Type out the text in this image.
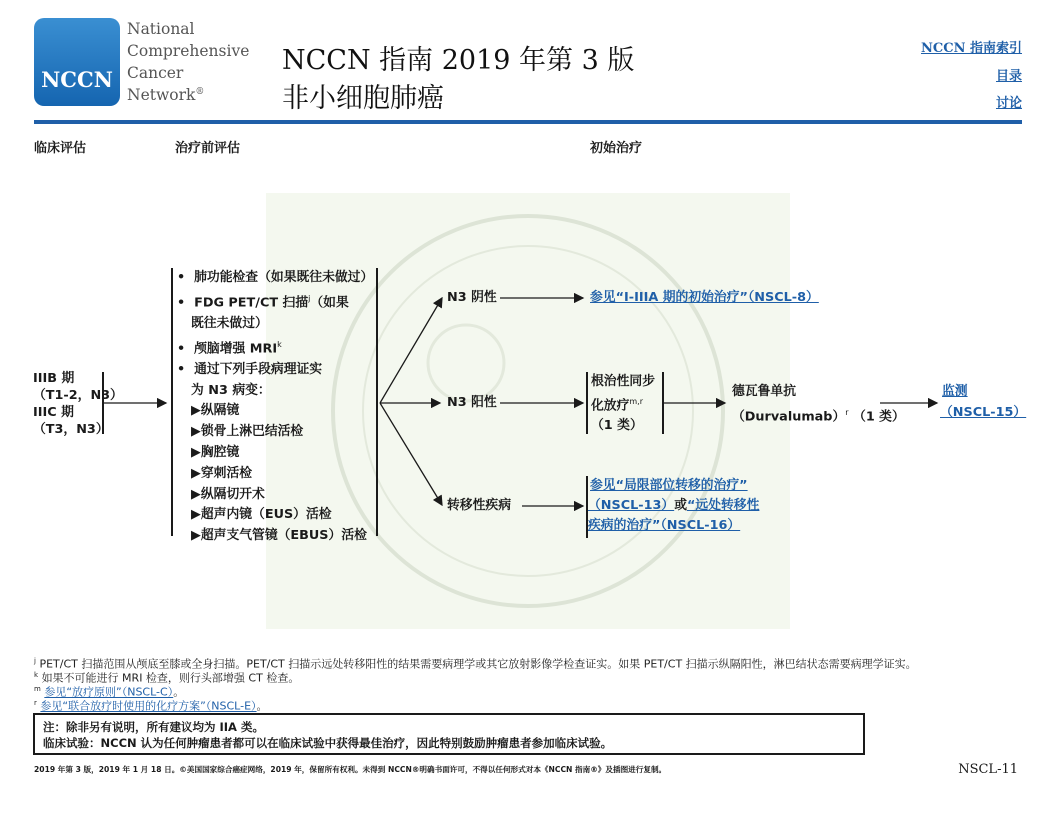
NCCN
National
Comprehensive
Cancer
Network®
NCCN 指南 2019 年第 3 版
非小细胞肺癌
NCCN 指南索引
目录
讨论
临床评估	治疗前评估	初始治疗
IIIB 期
（T1-2，N3）
IIIC 期
（T3，N3）
• 肺功能检查（如果既往未做过）
• FDG PET/CT 扫描$^j$（如果
既往未做过）
• 颅脑增强 MRI$^k$
• 通过下列手段病理证实
为 N3 病变：
▶纵隔镜
▶锁骨上淋巴结活检
▶胸腔镜
▶穿刺活检
▶纵隔切开术
▶超声内镜（EUS）活检
▶超声支气管镜（EBUS）活检
N3 阴性
N3 阳性
转移性疾病
参见“I-IIIA 期的初始治疗”（NSCL-8）
根治性同步
化放疗$^{m,r}$
（1 类）
德瓦鲁单抗
（Durvalumab）$^r$ （1 类）
监测
（NSCL-15）
参见“局限部位转移的治疗”
（NSCL-13）或“远处转移性
疾病的治疗”（NSCL-16）
$^j$ PET/CT 扫描范围从颅底至膝或全身扫描。PET/CT 扫描示远处转移阳性的结果需要病理学或其它放射影像学检查证实。如果 PET/CT 扫描示纵隔阳性，淋巴结状态需要病理学证实。
$^k$ 如果不可能进行 MRI 检查，则行头部增强 CT 检查。
$^m$ 参见“放疗原则”（NSCL-C）。
$^r$ 参见“联合放疗时使用的化疗方案”（NSCL-E）。
注：除非另有说明，所有建议均为 IIA 类。
临床试验：NCCN 认为任何肿瘤患者都可以在临床试验中获得最佳治疗，因此特别鼓励肿瘤患者参加临床试验。
2019 年第 3 版，2019 年 1 月 18 日。©美国国家综合癌症网络，2019 年，保留所有权利。未得到 NCCN®明确书面许可，不得以任何形式对本《NCCN 指南®》及插图进行复制。	NSCL-11
